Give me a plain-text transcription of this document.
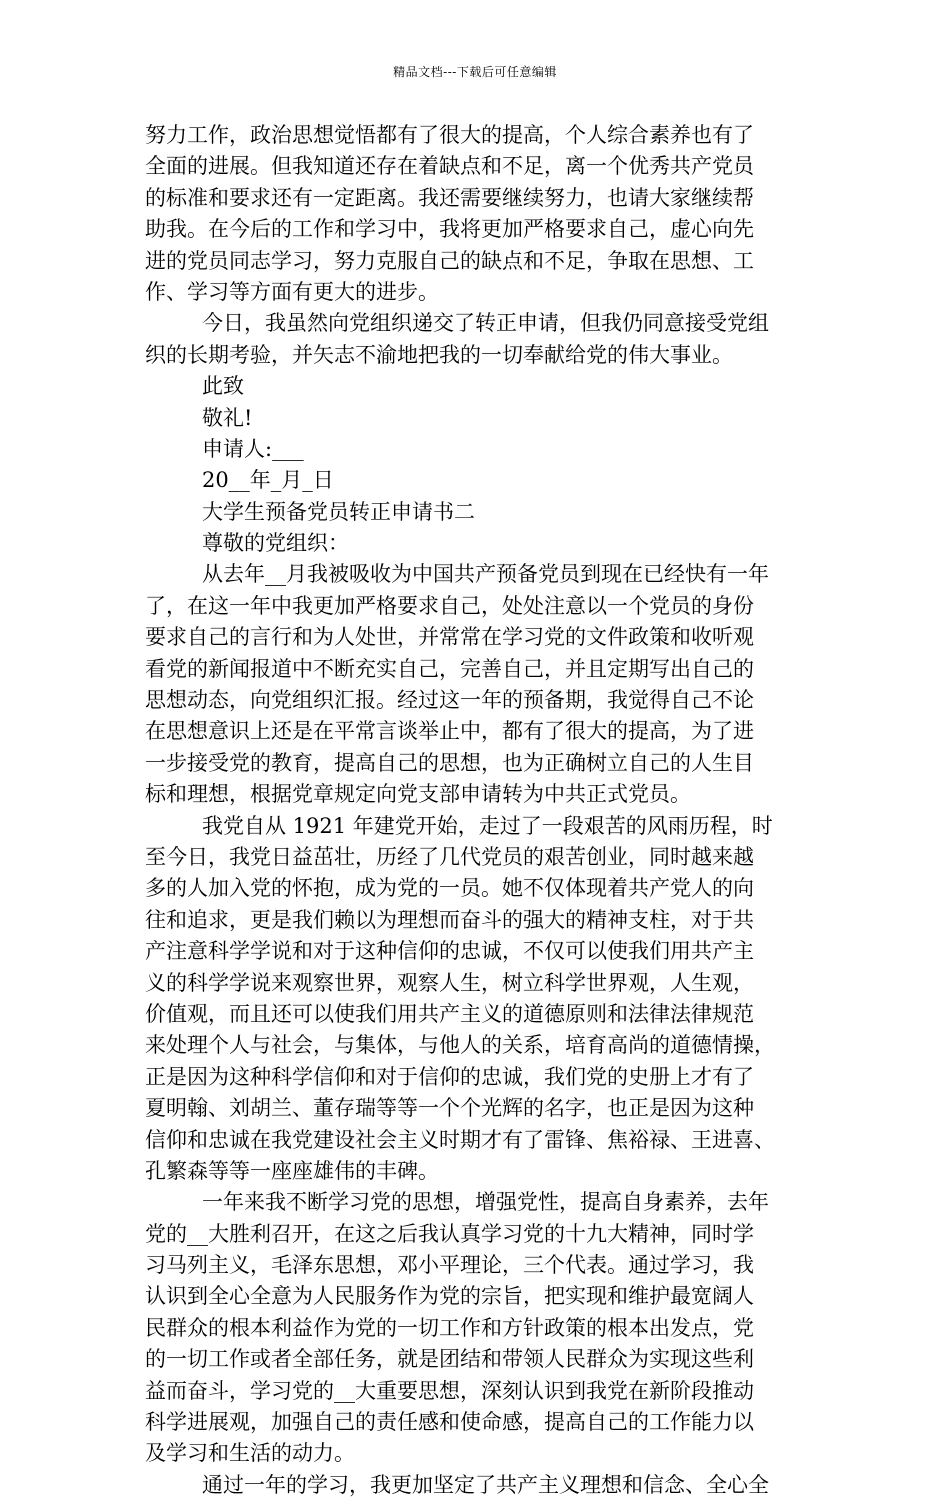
精品文档---下载后可任意编辑
努力工作，政治思想觉悟都有了很大的提高，个人综合素养也有了
全面的进展。但我知道还存在着缺点和不足，离一个优秀共产党员
的标准和要求还有一定距离。我还需要继续努力，也请大家继续帮
助我。在今后的工作和学习中，我将更加严格要求自己，虚心向先
进的党员同志学习，努力克服自己的缺点和不足，争取在思想、工
作、学习等方面有更大的进步。
今日，我虽然向党组织递交了转正申请，但我仍同意接受党组
织的长期考验，并矢志不渝地把我的一切奉献给党的伟大事业。
此致
敬礼!
申请人:___
20__年_月_日
大学生预备党员转正申请书二
尊敬的党组织：
从去年__月我被吸收为中国共产预备党员到现在已经快有一年
了，在这一年中我更加严格要求自己，处处注意以一个党员的身份
要求自己的言行和为人处世，并常常在学习党的文件政策和收听观
看党的新闻报道中不断充实自己，完善自己，并且定期写出自己的
思想动态，向党组织汇报。经过这一年的预备期，我觉得自己不论
在思想意识上还是在平常言谈举止中，都有了很大的提高，为了进
一步接受党的教育，提高自己的思想，也为正确树立自己的人生目
标和理想，根据党章规定向党支部申请转为中共正式党员。
我党自从 1921 年建党开始，走过了一段艰苦的风雨历程，时
至今日，我党日益茁壮，历经了几代党员的艰苦创业，同时越来越
多的人加入党的怀抱，成为党的一员。她不仅体现着共产党人的向
往和追求，更是我们赖以为理想而奋斗的强大的精神支柱，对于共
产注意科学学说和对于这种信仰的忠诚，不仅可以使我们用共产主
义的科学学说来观察世界，观察人生，树立科学世界观，人生观，
价值观，而且还可以使我们用共产主义的道德原则和法律法律规范
来处理个人与社会，与集体，与他人的关系，培育高尚的道德情操，
正是因为这种科学信仰和对于信仰的忠诚，我们党的史册上才有了
夏明翰、刘胡兰、董存瑞等等一个个光辉的名字，也正是因为这种
信仰和忠诚在我党建设社会主义时期才有了雷锋、焦裕禄、王进喜、
孔繁森等等一座座雄伟的丰碑。
一年来我不断学习党的思想，增强党性，提高自身素养，去年
党的__大胜利召开，在这之后我认真学习党的十九大精神，同时学
习马列主义，毛泽东思想，邓小平理论，三个代表。通过学习，我
认识到全心全意为人民服务作为党的宗旨，把实现和维护最宽阔人
民群众的根本利益作为党的一切工作和方针政策的根本出发点，党
的一切工作或者全部任务，就是团结和带领人民群众为实现这些利
益而奋斗，学习党的__大重要思想，深刻认识到我党在新阶段推动
科学进展观，加强自己的责任感和使命感，提高自己的工作能力以
及学习和生活的动力。
通过一年的学习，我更加坚定了共产主义理想和信念、全心全
